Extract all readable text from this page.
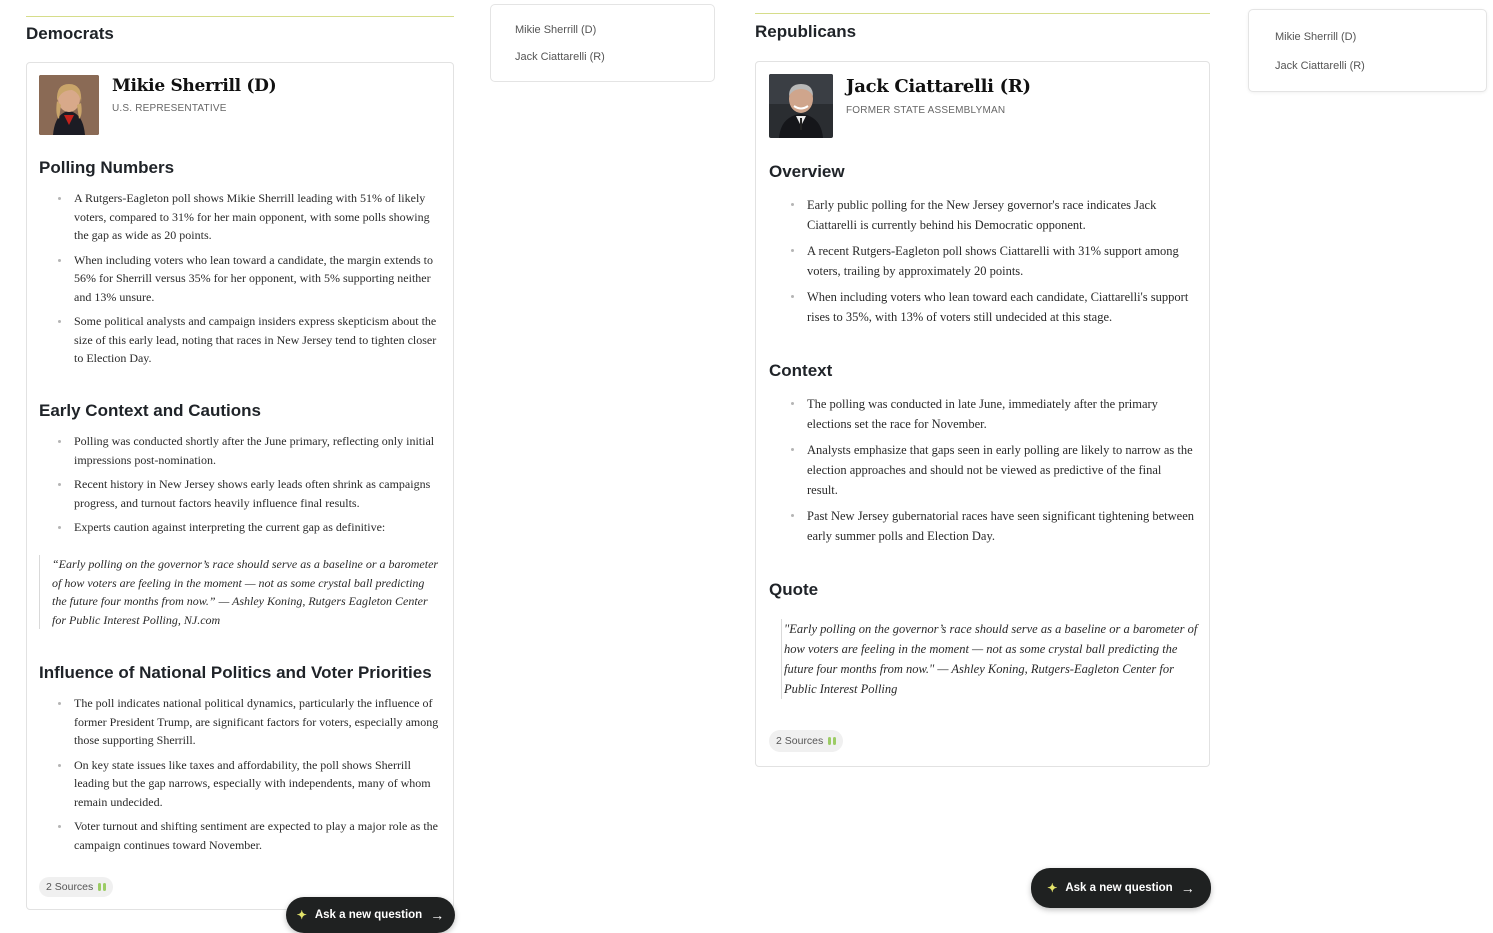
Democrats
Mikie Sherrill (D)
U.S. REPRESENTATIVE
Polling Numbers
A Rutgers-Eagleton poll shows Mikie Sherrill leading with 51% of likely voters, compared to 31% for her main opponent, with some polls showing the gap as wide as 20 points.
When including voters who lean toward a candidate, the margin extends to 56% for Sherrill versus 35% for her opponent, with 5% supporting neither and 13% unsure.
Some political analysts and campaign insiders express skepticism about the size of this early lead, noting that races in New Jersey tend to tighten closer to Election Day.
Early Context and Cautions
Polling was conducted shortly after the June primary, reflecting only initial impressions post-nomination.
Recent history in New Jersey shows early leads often shrink as campaigns progress, and turnout factors heavily influence final results.
Experts caution against interpreting the current gap as definitive:
“Early polling on the governor’s race should serve as a baseline or a barometer of how voters are feeling in the moment — not as some crystal ball predicting the future four months from now.” — Ashley Koning, Rutgers Eagleton Center for Public Interest Polling, NJ.com
Influence of National Politics and Voter Priorities
The poll indicates national political dynamics, particularly the influence of former President Trump, are significant factors for voters, especially among those supporting Sherrill.
On key state issues like taxes and affordability, the poll shows Sherrill leading but the gap narrows, especially with independents, many of whom remain undecided.
Voter turnout and shifting sentiment are expected to play a major role as the campaign continues toward November.
2 Sources
✦ Ask a new question →
Mikie Sherrill (D)
Jack Ciattarelli (R)
Republicans
Jack Ciattarelli (R)
FORMER STATE ASSEMBLYMAN
Overview
Early public polling for the New Jersey governor's race indicates Jack Ciattarelli is currently behind his Democratic opponent.
A recent Rutgers-Eagleton poll shows Ciattarelli with 31% support among voters, trailing by approximately 20 points.
When including voters who lean toward each candidate, Ciattarelli's support rises to 35%, with 13% of voters still undecided at this stage.
Context
The polling was conducted in late June, immediately after the primary elections set the race for November.
Analysts emphasize that gaps seen in early polling are likely to narrow as the election approaches and should not be viewed as predictive of the final result.
Past New Jersey gubernatorial races have seen significant tightening between early summer polls and Election Day.
Quote
"Early polling on the governor’s race should serve as a baseline or a barometer of how voters are feeling in the moment — not as some crystal ball predicting the future four months from now." — Ashley Koning, Rutgers-Eagleton Center for Public Interest Polling
2 Sources
✦ Ask a new question →
Mikie Sherrill (D)
Jack Ciattarelli (R)
